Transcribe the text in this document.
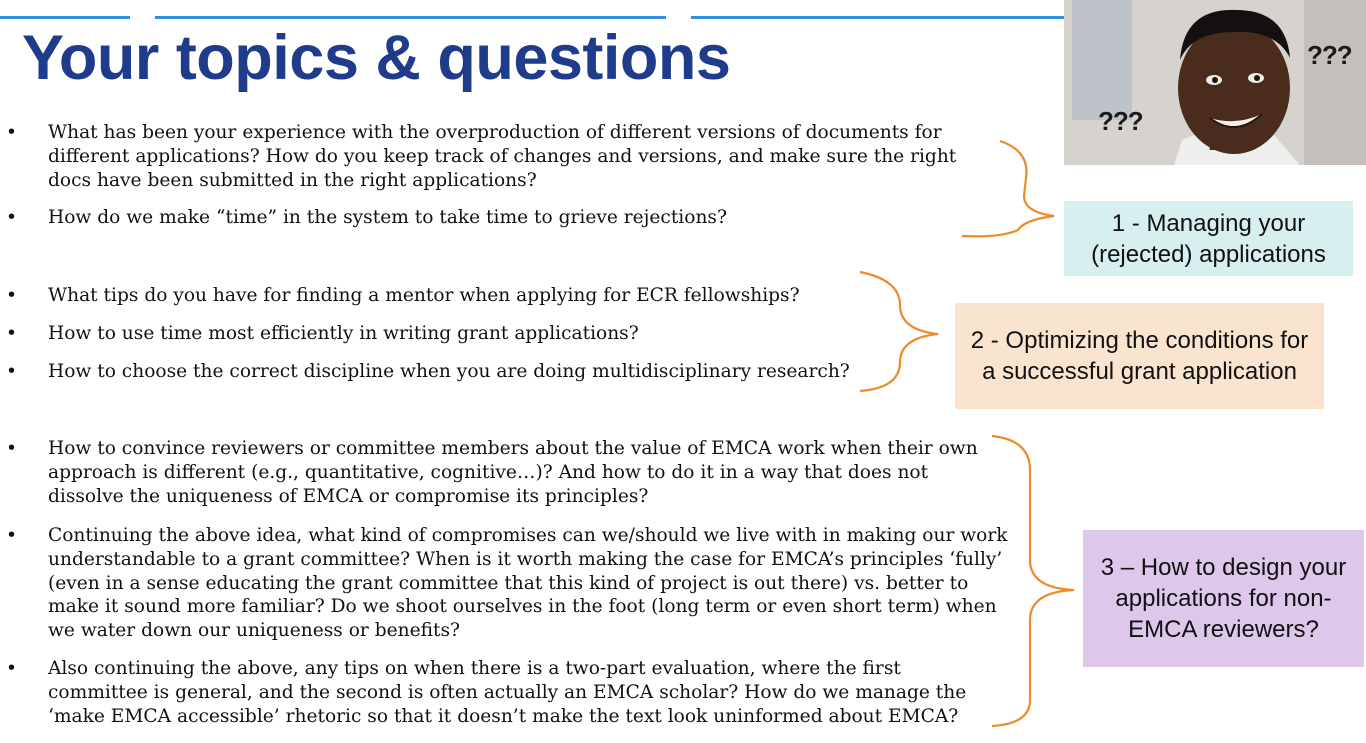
Your topics & questions
???
???
•	What has been your experience with the overproduction of different versions of documents for different applications? How do you keep track of changes and versions, and make sure the right docs have been submitted in the right applications?
•	How do we make “time” in the system to take time to grieve rejections?
•	What tips do you have for finding a mentor when applying for ECR fellowships?
•	How to use time most efficiently in writing grant applications?
•	How to choose the correct discipline when you are doing multidisciplinary research?
•	How to convince reviewers or committee members about the value of EMCA work when their own approach is different (e.g., quantitative, cognitive…)? And how to do it in a way that does not dissolve the uniqueness of EMCA or compromise its principles?
•	Continuing the above idea, what kind of compromises can we/should we live with in making our work understandable to a grant committee? When is it worth making the case for EMCA’s principles ‘fully’ (even in a sense educating the grant committee that this kind of project is out there) vs. better to make it sound more familiar? Do we shoot ourselves in the foot (long term or even short term) when we water down our uniqueness or benefits?
•	Also continuing the above, any tips on when there is a two-part evaluation, where the first committee is general, and the second is often actually an EMCA scholar? How do we manage the ‘make EMCA accessible’ rhetoric so that it doesn’t make the text look uninformed about EMCA?
1 - Managing your (rejected) applications
2 - Optimizing the conditions for a successful grant application
3 – How to design your applications for non-EMCA reviewers?
